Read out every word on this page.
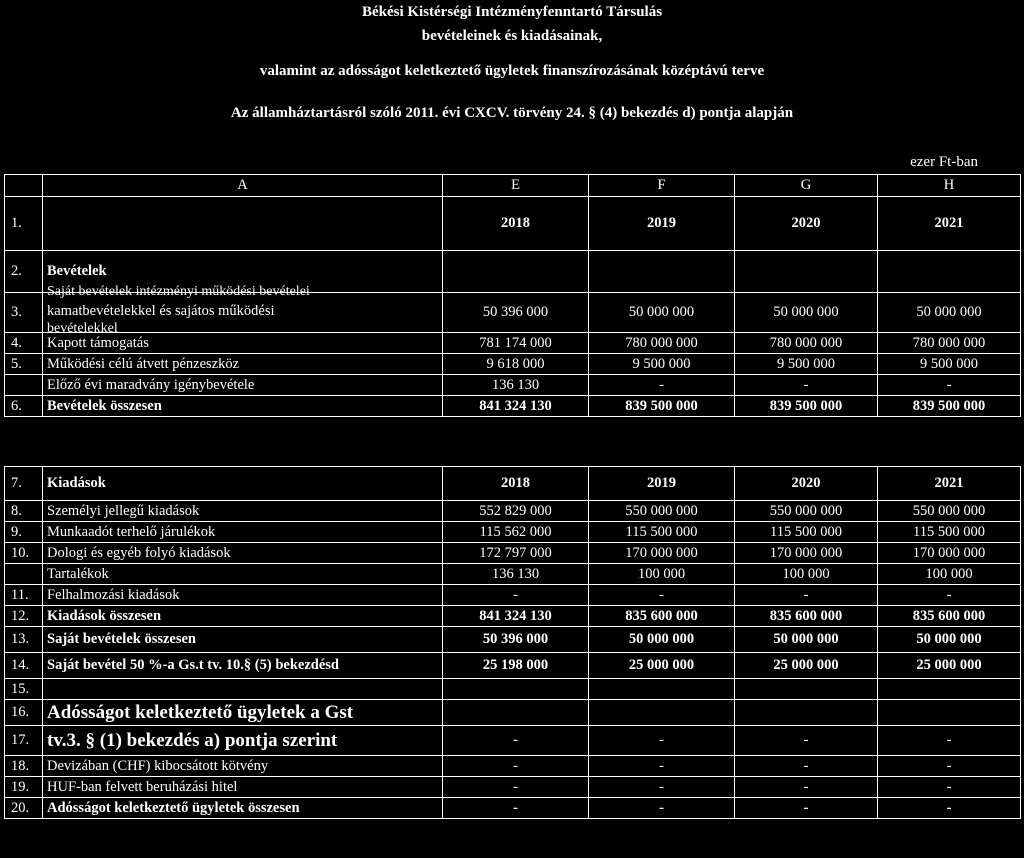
Békési Kistérségi Intézményfenntartó Társulás
bevételeinek és kiadásainak,
valamint az adósságot keletkeztető ügyletek finanszírozásának középtávú terve
Az államháztartásról szóló 2011. évi CXCV. törvény 24. § (4) bekezdés d) pontja alapján
ezer Ft-ban
	A	E	F	G	H
1.		2018	2019	2020	2021
2.	Bevételek				
3.	Saját bevételek intézményi működési bevételei
kamatbevételekkel és sajátos működési
bevételekkel	50 396 000	50 000 000	50 000 000	50 000 000
4.	Kapott támogatás	781 174 000	780 000 000	780 000 000	780 000 000
5.	Működési célú átvett pénzeszköz	9 618 000	9 500 000	9 500 000	9 500 000
	Előző évi maradvány igénybevétele	136 130	-	-	-
6.	Bevételek összesen	841 324 130	839 500 000	839 500 000	839 500 000
7.	Kiadások	2018	2019	2020	2021
8.	Személyi jellegű kiadások	552 829 000	550 000 000	550 000 000	550 000 000
9.	Munkaadót terhelő járulékok	115 562 000	115 500 000	115 500 000	115 500 000
10.	Dologi és egyéb folyó kiadások	172 797 000	170 000 000	170 000 000	170 000 000
	Tartalékok	136 130	100 000	100 000	100 000
11.	Felhalmozási kiadások	-	-	-	-
12.	Kiadások összesen	841 324 130	835 600 000	835 600 000	835 600 000
13.	Saját bevételek összesen	50 396 000	50 000 000	50 000 000	50 000 000
14.	Saját bevétel 50 %-a Gs.t tv. 10.§ (5) bekezdésd	25 198 000	25 000 000	25 000 000	25 000 000
15.					
16.	Adósságot keletkeztető ügyletek a Gst				
17.	tv.3. § (1) bekezdés a) pontja szerint	-	-	-	-
18.	Devizában (CHF) kibocsátott kötvény	-	-	-	-
19.	HUF-ban felvett beruházási hitel	-	-	-	-
20.	Adósságot keletkeztető ügyletek összesen	-	-	-	-
